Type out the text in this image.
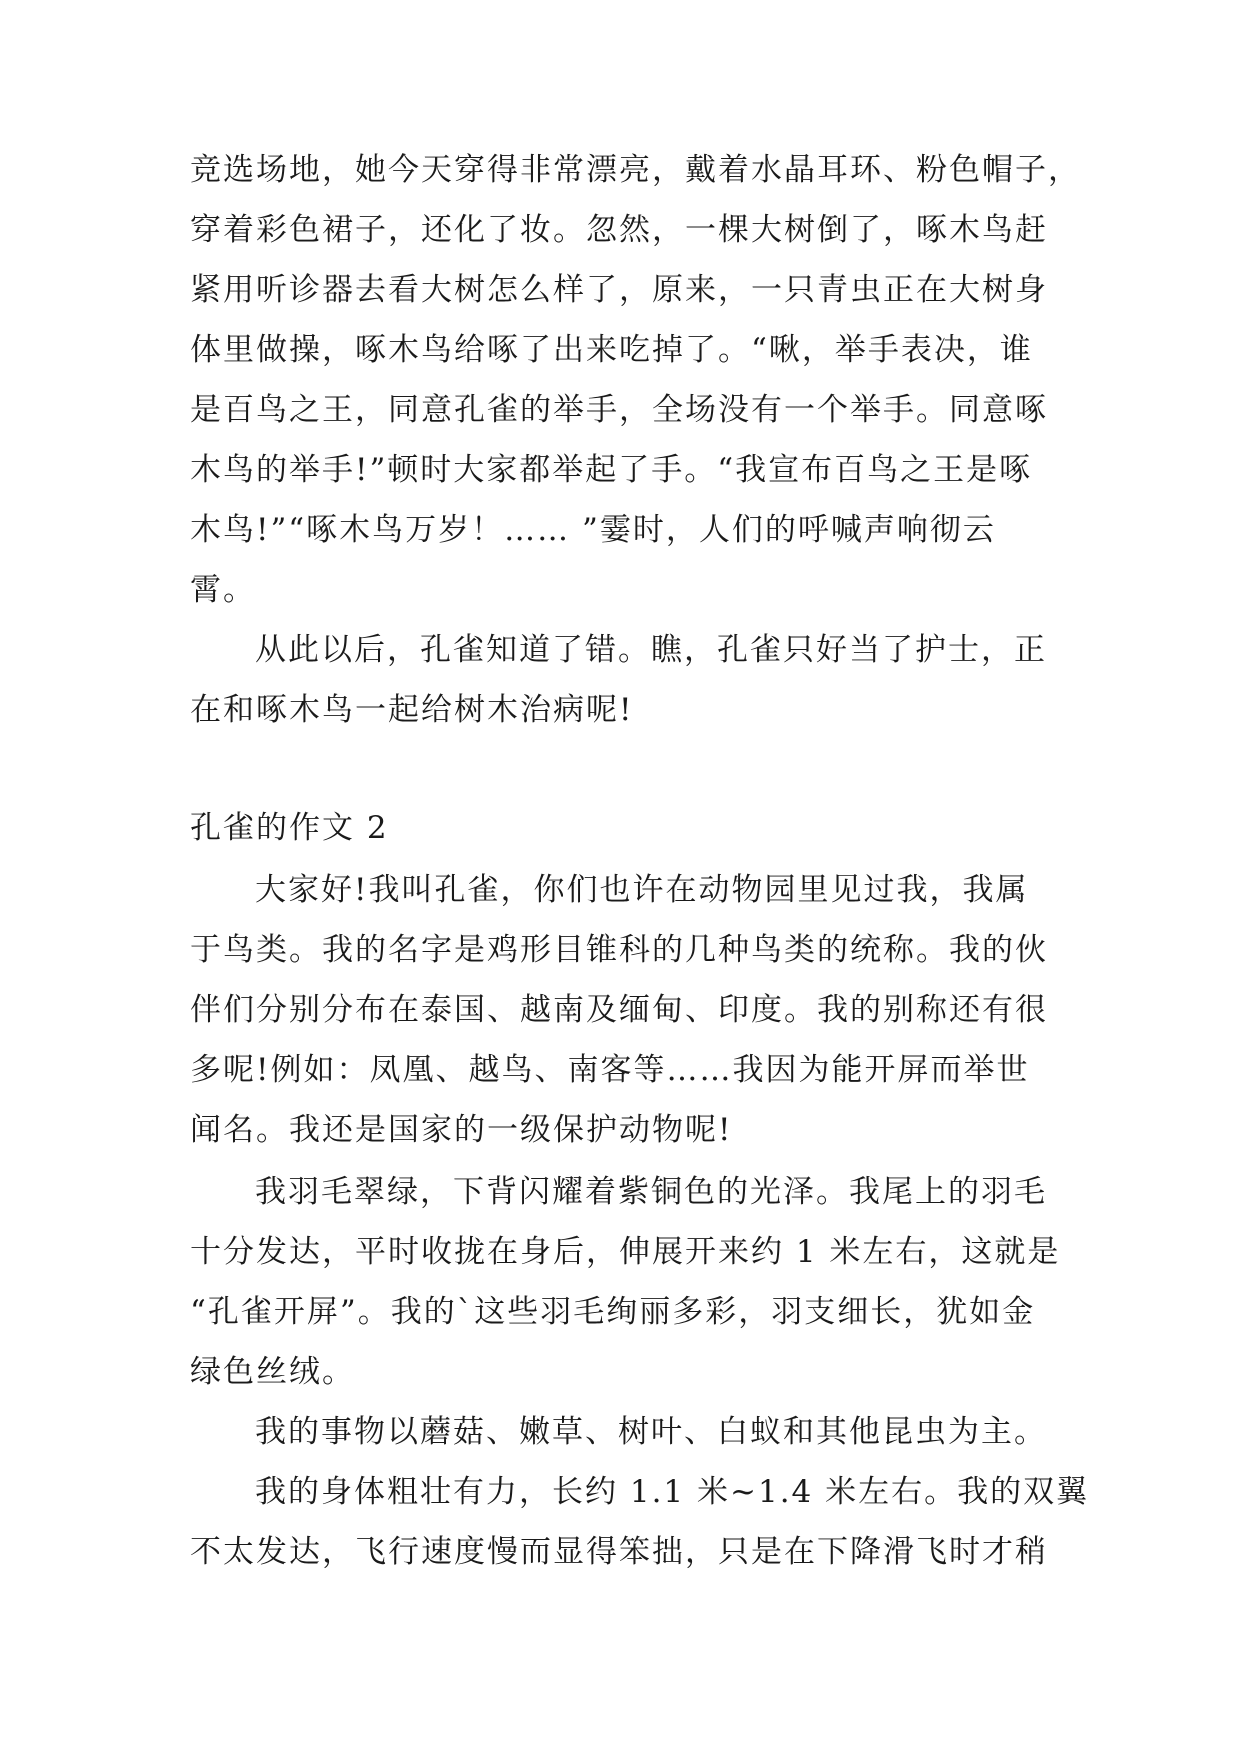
竞选场地，她今天穿得非常漂亮，戴着水晶耳环、粉色帽子，
穿着彩色裙子，还化了妆。忽然，一棵大树倒了，啄木鸟赶
紧用听诊器去看大树怎么样了，原来，一只青虫正在大树身
体里做操，啄木鸟给啄了出来吃掉了。“啾，举手表决，谁
是百鸟之王，同意孔雀的举手，全场没有一个举手。同意啄
木鸟的举手!”顿时大家都举起了手。“我宣布百鸟之王是啄
木鸟!”“啄木鸟万岁！…… ”霎时，人们的呼喊声响彻云
霄。
从此以后，孔雀知道了错。瞧，孔雀只好当了护士，正
在和啄木鸟一起给树木治病呢!
孔雀的作文 2
大家好!我叫孔雀，你们也许在动物园里见过我，我属
于鸟类。我的名字是鸡形目锥科的几种鸟类的统称。我的伙
伴们分别分布在泰国、越南及缅甸、印度。我的别称还有很
多呢!例如：凤凰、越鸟、南客等……我因为能开屏而举世
闻名。我还是国家的一级保护动物呢!
我羽毛翠绿，下背闪耀着紫铜色的光泽。我尾上的羽毛
十分发达，平时收拢在身后，伸展开来约 1 米左右，这就是
“孔雀开屏”。我的`这些羽毛绚丽多彩，羽支细长，犹如金
绿色丝绒。
我的事物以蘑菇、嫩草、树叶、白蚁和其他昆虫为主。
我的身体粗壮有力，长约 1.1 米~1.4 米左右。我的双翼
不太发达，飞行速度慢而显得笨拙，只是在下降滑飞时才稍
